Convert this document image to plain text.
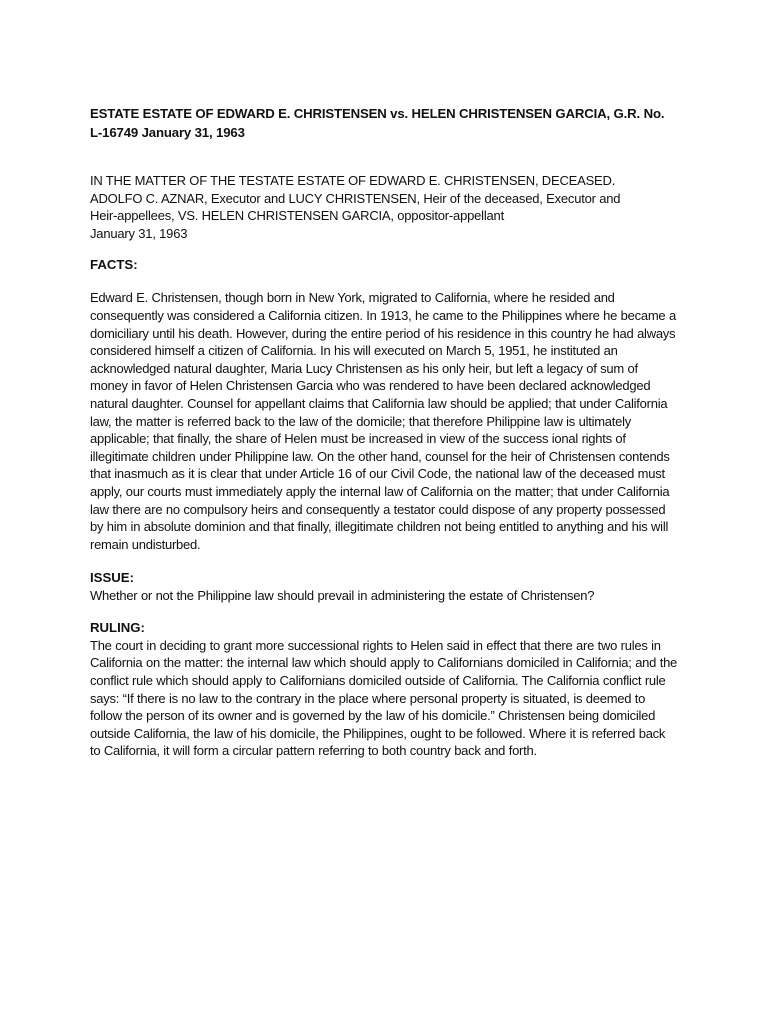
ESTATE ESTATE OF EDWARD E. CHRISTENSEN vs. HELEN CHRISTENSEN GARCIA, G.R. No. L-16749 January 31, 1963

IN THE MATTER OF THE TESTATE ESTATE OF EDWARD E. CHRISTENSEN, DECEASED.
ADOLFO C. AZNAR, Executor and LUCY CHRISTENSEN, Heir of the deceased, Executor and
Heir-appellees, VS. HELEN CHRISTENSEN GARCIA, oppositor-appellant
January 31, 1963

FACTS:

Edward E. Christensen, though born in New York, migrated to California, where he resided and consequently was considered a California citizen. In 1913, he came to the Philippines where he became a domiciliary until his death. However, during the entire period of his residence in this country he had always considered himself a citizen of California. In his will executed on March 5, 1951, he instituted an acknowledged natural daughter, Maria Lucy Christensen as his only heir, but left a legacy of sum of money in favor of Helen Christensen Garcia who was rendered to have been declared acknowledged natural daughter. Counsel for appellant claims that California law should be applied; that under California law, the matter is referred back to the law of the domicile; that therefore Philippine law is ultimately applicable; that finally, the share of Helen must be increased in view of the success ional rights of illegitimate children under Philippine law. On the other hand, counsel for the heir of Christensen contends that inasmuch as it is clear that under Article 16 of our Civil Code, the national law of the deceased must apply, our courts must immediately apply the internal law of California on the matter; that under California law there are no compulsory heirs and consequently a testator could dispose of any property possessed by him in absolute dominion and that finally, illegitimate children not being entitled to anything and his will remain undisturbed.

ISSUE:

Whether or not the Philippine law should prevail in administering the estate of Christensen?

RULING:

The court in deciding to grant more successional rights to Helen said in effect that there are two rules in California on the matter: the internal law which should apply to Californians domiciled in California; and the conflict rule which should apply to Californians domiciled outside of California. The California conflict rule says: “If there is no law to the contrary in the place where personal property is situated, is deemed to follow the person of its owner and is governed by the law of his domicile.” Christensen being domiciled outside California, the law of his domicile, the Philippines, ought to be followed. Where it is referred back to California, it will form a circular pattern referring to both country back and forth.
